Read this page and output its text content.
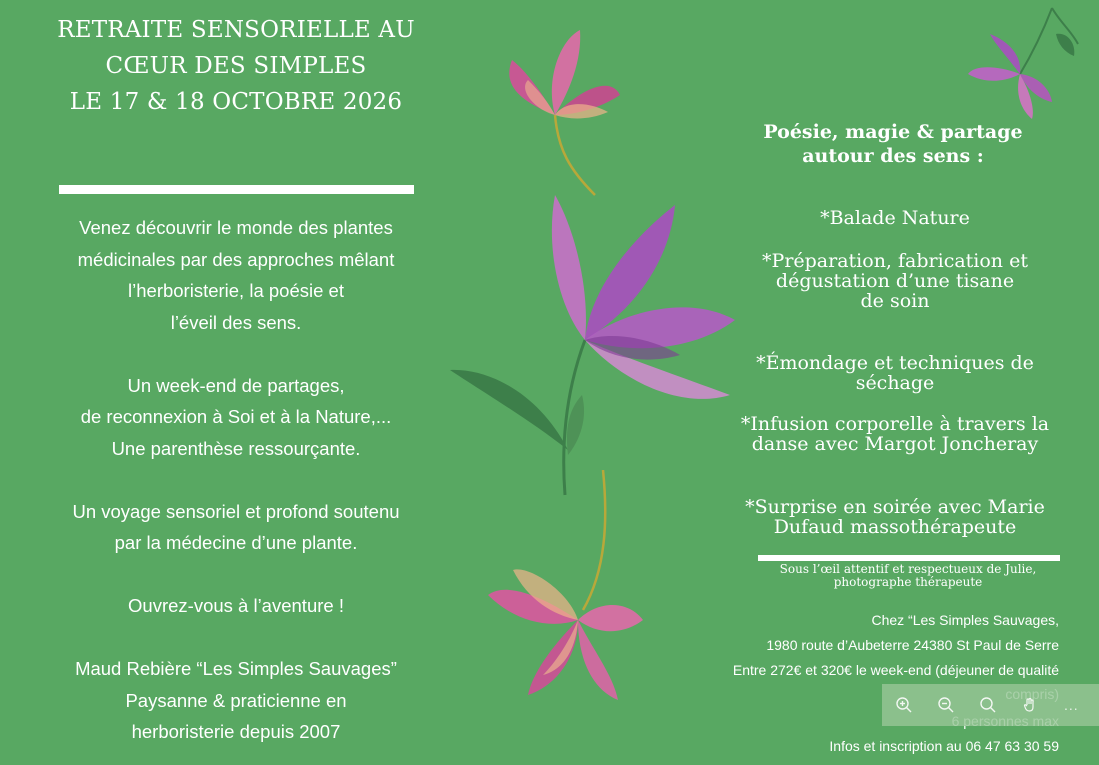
RETRAITE SENSORIELLE AU
CŒUR DES SIMPLES
LE 17 & 18 OCTOBRE 2026
Venez découvrir le monde des plantes
médicinales par des approches mêlant
l’herboristerie, la poésie et
l’éveil des sens.
Un week-end de partages,
de reconnexion à Soi et à la Nature,...
Une parenthèse ressourçante.
Un voyage sensoriel et profond soutenu
par la médecine d’une plante.
Ouvrez-vous à l’aventure !
Maud Rebière “Les Simples Sauvages”
Paysanne & praticienne en
herboristerie depuis 2007
Poésie, magie & partage
autour des sens :
*Balade Nature
*Préparation, fabrication et
dégustation d’une tisane
de soin
*Émondage et techniques de
séchage
*Infusion corporelle à travers la
danse avec Margot Joncheray
*Surprise en soirée avec Marie
Dufaud massothérapeute
Sous l’œil attentif et respectueux de Julie,
photographe thérapeute
Chez “Les Simples Sauvages,
1980 route d’Aubeterre 24380 St Paul de Serre
Entre 272€ et 320€ le week-end (déjeuner de qualité
Infos et inscription au 06 47 63 30 59
...
